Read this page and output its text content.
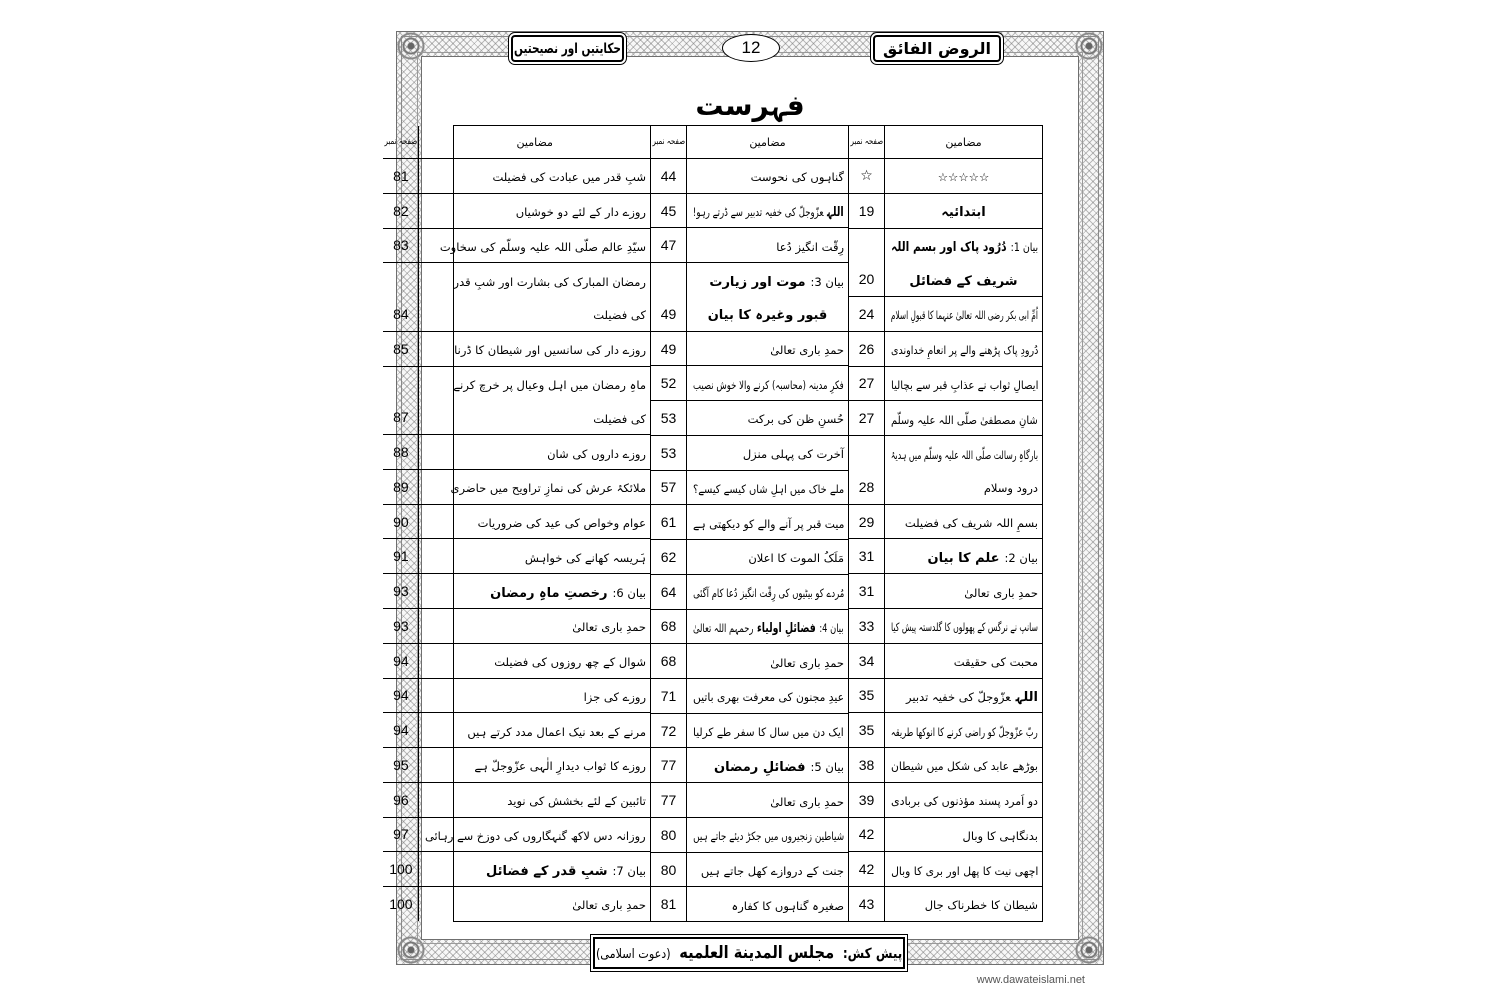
حکایتیں اور نصیحتیں	12	الروض الفائق
فہرست
مضامین
صفحہ نمبر
☆☆☆☆☆
☆
ابتدائیہ
19
بیان 1:دُرُود پاک اور بسم اللہ
شریف کے فضائل
20
اُمِّ ابی بکر رضی اللہ تعالیٰ عنہما کا قبولِ اسلام
24
دُرودِ پاک پڑھنے والے پر انعامِ خداوندی
26
ایصالِ ثواب نے عذابِ قبر سے بچالیا
27
شانِ مصطفیٰ صلّی اللہ علیہ وسلّم
27
بارگاہِ رسالت صلّی اللہ علیہ وسلّم میں ہدیۂ
درود وسلام
28
بسمِ اللہ شریف کی فضیلت
29
بیان 2:علم کا بیان
31
حمدِ باری تعالیٰ
31
سانپ نے نرگس کے پھولوں کا گلدستہ پیش کیا
33
محبت کی حقیقت
34
اللہعزّوجلّ کی خفیہ تدبیر
35
ربّ عزّوجلّ کو راضی کرنے کا انوکھا طریقہ
35
بوڑھے عابد کی شکل میں شیطان
38
دو اَمرد پسند مؤذنوں کی بربادی
39
بدنگاہی کا وبال
42
اچھی نیت کا پھل اور بری کا وبال
42
شیطان کا خطرناک جال
43
مضامین
صفحہ نمبر
گناہوں کی نحوست
44
اللہعزّوجلّ کی خفیہ تدبیر سے ڈرتے رہو!
45
رِقّت انگیز دُعا
47
بیان 3:موت اور زیارت
قبور وغیرہ کا بیان
49
حمدِ باری تعالیٰ
49
فکرِ مدینہ (محاسبہ) کرنے والا خوش نصیب
52
حُسنِ ظن کی برکت
53
آخرت کی پہلی منزل
53
ملے خاک میں اہلِ شاں کیسے کیسے؟
57
میت قبر پر آنے والے کو دیکھتی ہے
61
مَلَکُ الموت کا اعلان
62
مُردے کو بیٹیوں کی رِقّت انگیز دُعا کام آگئی
64
بیان 4:فضائلِ اولیاءرحمہم اللہ تعالیٰ
68
حمدِ باری تعالیٰ
68
عیدِ مجنون کی معرفت بھری باتیں
71
ایک دن میں سال کا سفر طے کرلیا
72
بیان 5:فضائلِ رمضان
77
حمدِ باری تعالیٰ
77
شیاطین زنجیروں میں جکڑ دیئے جاتے ہیں
80
جنت کے دروازے کھل جاتے ہیں
80
صغیرہ گناہوں کا کفارہ
81
مضامین
صفحہ نمبر
شبِ قدر میں عبادت کی فضیلت
81
روزے دار کے لئے دو خوشیاں
82
سیّدِ عالم صلّی اللہ علیہ وسلّم کی سخاوت
83
رمضان المبارک کی بشارت اور شبِ قدر
کی فضیلت
84
روزے دار کی سانسیں اور شیطان کا ڈرنا
85
ماہِ رمضان میں اہل وعیال پر خرچ کرنے
کی فضیلت
87
روزے داروں کی شان
88
ملائکۂ عرش کی نمازِ تراویح میں حاضری
89
عوام وخواص کی عید کی ضروریات
90
ہَریسہ کھانے کی خواہش
91
بیان 6:رخصتِ ماہِ رمضان
93
حمدِ باری تعالیٰ
93
شوال کے چھ روزوں کی فضیلت
94
روزے کی جزا
94
مرنے کے بعد نیک اعمال مدد کرتے ہیں
94
روزے کا ثواب دیدارِ الٰہی عزّوجلّ ہے
95
تائبین کے لئے بخشش کی نوید
96
روزانہ دس لاکھ گنہگاروں کی دوزخ سے رہائی
97
بیان 7:شبِ قدر کے فضائل
100
حمدِ باری تعالیٰ
100
پیش کش: مجلس المدینة العلمیه (دعوت اسلامی)
www.dawateislami.net
